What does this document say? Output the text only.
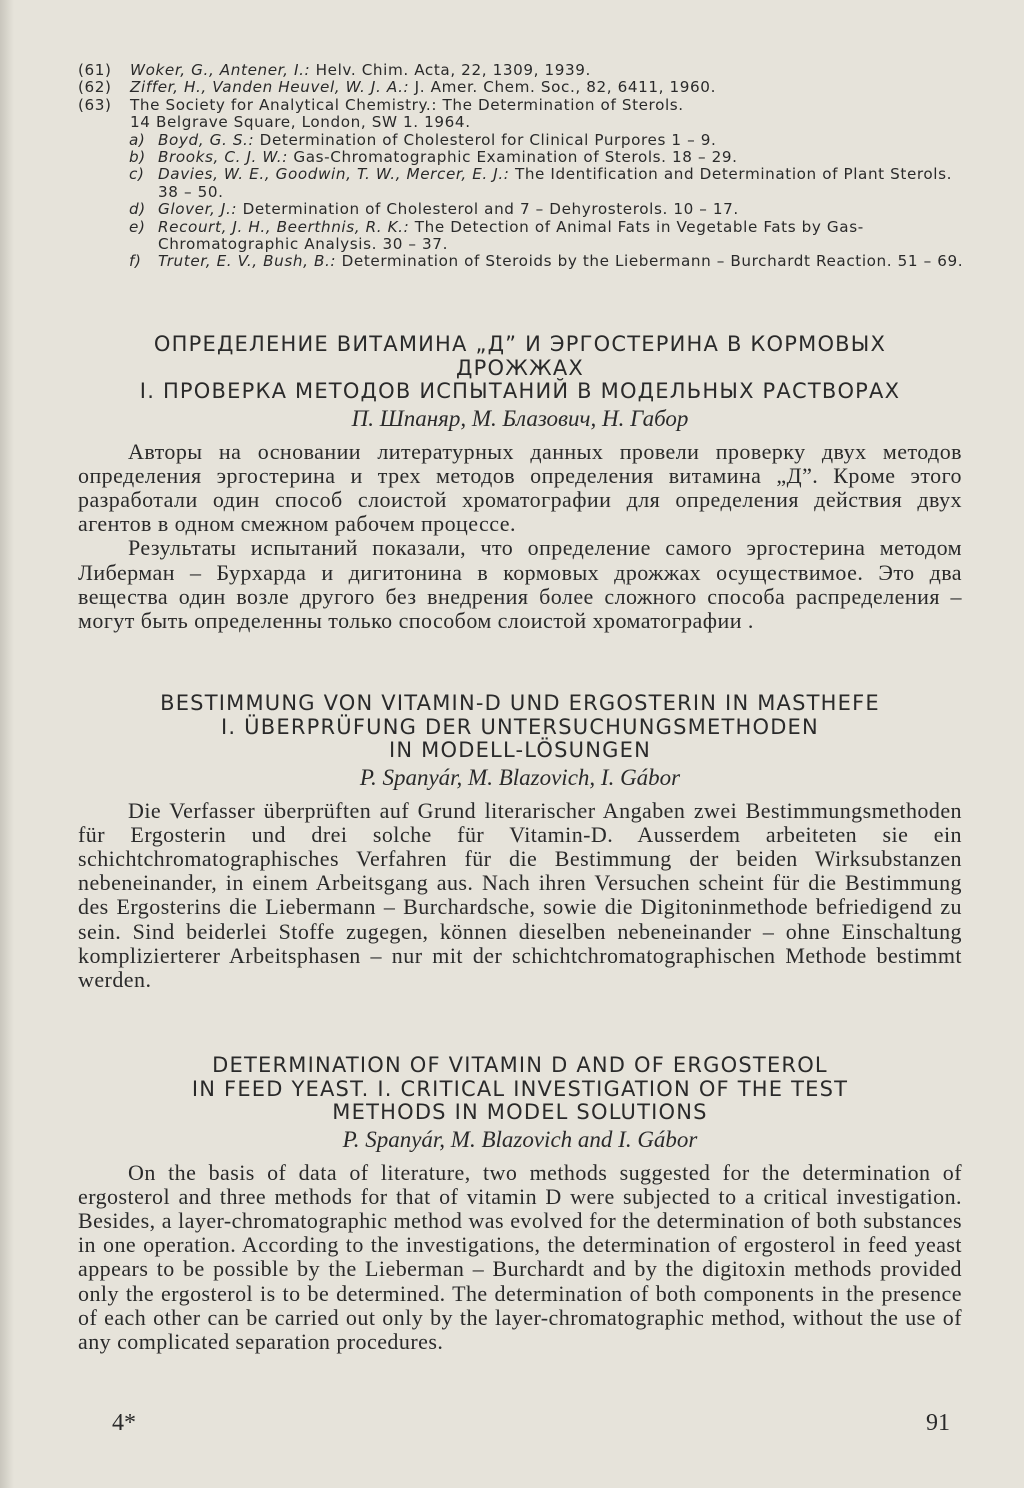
(61) Woker, G., Antener, I.: Helv. Chim. Acta, 22, 1309, 1939.
(62) Ziffer, H., Vanden Heuvel, W. J. A.: J. Amer. Chem. Soc., 82, 6411, 1960.
(63) The Society for Analytical Chemistry.: The Determination of Sterols.
14 Belgrave Square, London, SW 1. 1964.
a) Boyd, G. S.: Determination of Cholesterol for Clinical Purpores 1 – 9.
b) Brooks, C. J. W.: Gas-Chromatographic Examination of Sterols. 18 – 29.
c) Davies, W. E., Goodwin, T. W., Mercer, E. J.: The Identification and Determination of Plant Sterols. 38 – 50.
d) Glover, J.: Determination of Cholesterol and 7 – Dehyrosterols. 10 – 17.
e) Recourt, J. H., Beerthnis, R. K.: The Detection of Animal Fats in Vegetable Fats by Gas-Chromatographic Analysis. 30 – 37.
f) Truter, E. V., Bush, B.: Determination of Steroids by the Liebermann – Burchardt Reaction. 51 – 69.
ОПРЕДЕЛЕНИЕ ВИТАМИНА „Д” И ЭРГОСТЕРИНА В КОРМОВЫХ
ДРОЖЖАХ
I. ПРОВЕРКА МЕТОДОВ ИСПЫТАНИЙ В МОДЕЛЬНЫХ РАСТВОРАХ
П. Шпаняр, М. Блазович, Н. Габор

Авторы на основании литературных данных провели проверку двух методов определения эргостерина и трех методов определения витамина „Д”. Кроме этого разработали один способ слоистой хроматографии для определения действия двух агентов в одном смежном рабочем процессе.

Результаты испытаний показали, что определение самого эргостерина методом Либерман – Бурхарда и дигитонина в кормовых дрожжах осуществимое. Это два вещества один возле другого без внедрения более сложного способа распределения – могут быть определенны только способом слоистой хроматографии .

BESTIMMUNG VON VITAMIN-D UND ERGOSTERIN IN MASTHEFE
I. ÜBERPRÜFUNG DER UNTERSUCHUNGSMETHODEN
IN MODELL-LÖSUNGEN
P. Spanyár, M. Blazovich, I. Gábor

Die Verfasser überprüften auf Grund literarischer Angaben zwei Bestimmungsmethoden für Ergosterin und drei solche für Vitamin-D. Ausserdem arbeiteten sie ein schichtchromatographisches Verfahren für die Bestimmung der beiden Wirksubstanzen nebeneinander, in einem Arbeitsgang aus. Nach ihren Versuchen scheint für die Bestimmung des Ergosterins die Liebermann – Burchardsche, sowie die Digitoninmethode befriedigend zu sein. Sind beiderlei Stoffe zugegen, können dieselben nebeneinander – ohne Einschaltung komplizierterer Arbeitsphasen – nur mit der schichtchromatographischen Methode bestimmt werden.

DETERMINATION OF VITAMIN D AND OF ERGOSTEROL
IN FEED YEAST. I. CRITICAL INVESTIGATION OF THE TEST
METHODS IN MODEL SOLUTIONS
P. Spanyár, M. Blazovich and I. Gábor

On the basis of data of literature, two methods suggested for the determination of ergosterol and three methods for that of vitamin D were subjected to a critical investigation. Besides, a layer-chromatographic method was evolved for the determination of both substances in one operation. According to the investigations, the determination of ergosterol in feed yeast appears to be possible by the Lieberman – Burchardt and by the digitoxin methods provided only the ergosterol is to be determined. The determination of both components in the presence of each other can be carried out only by the layer-chromatographic method, without the use of any complicated separation procedures.

4*	91
